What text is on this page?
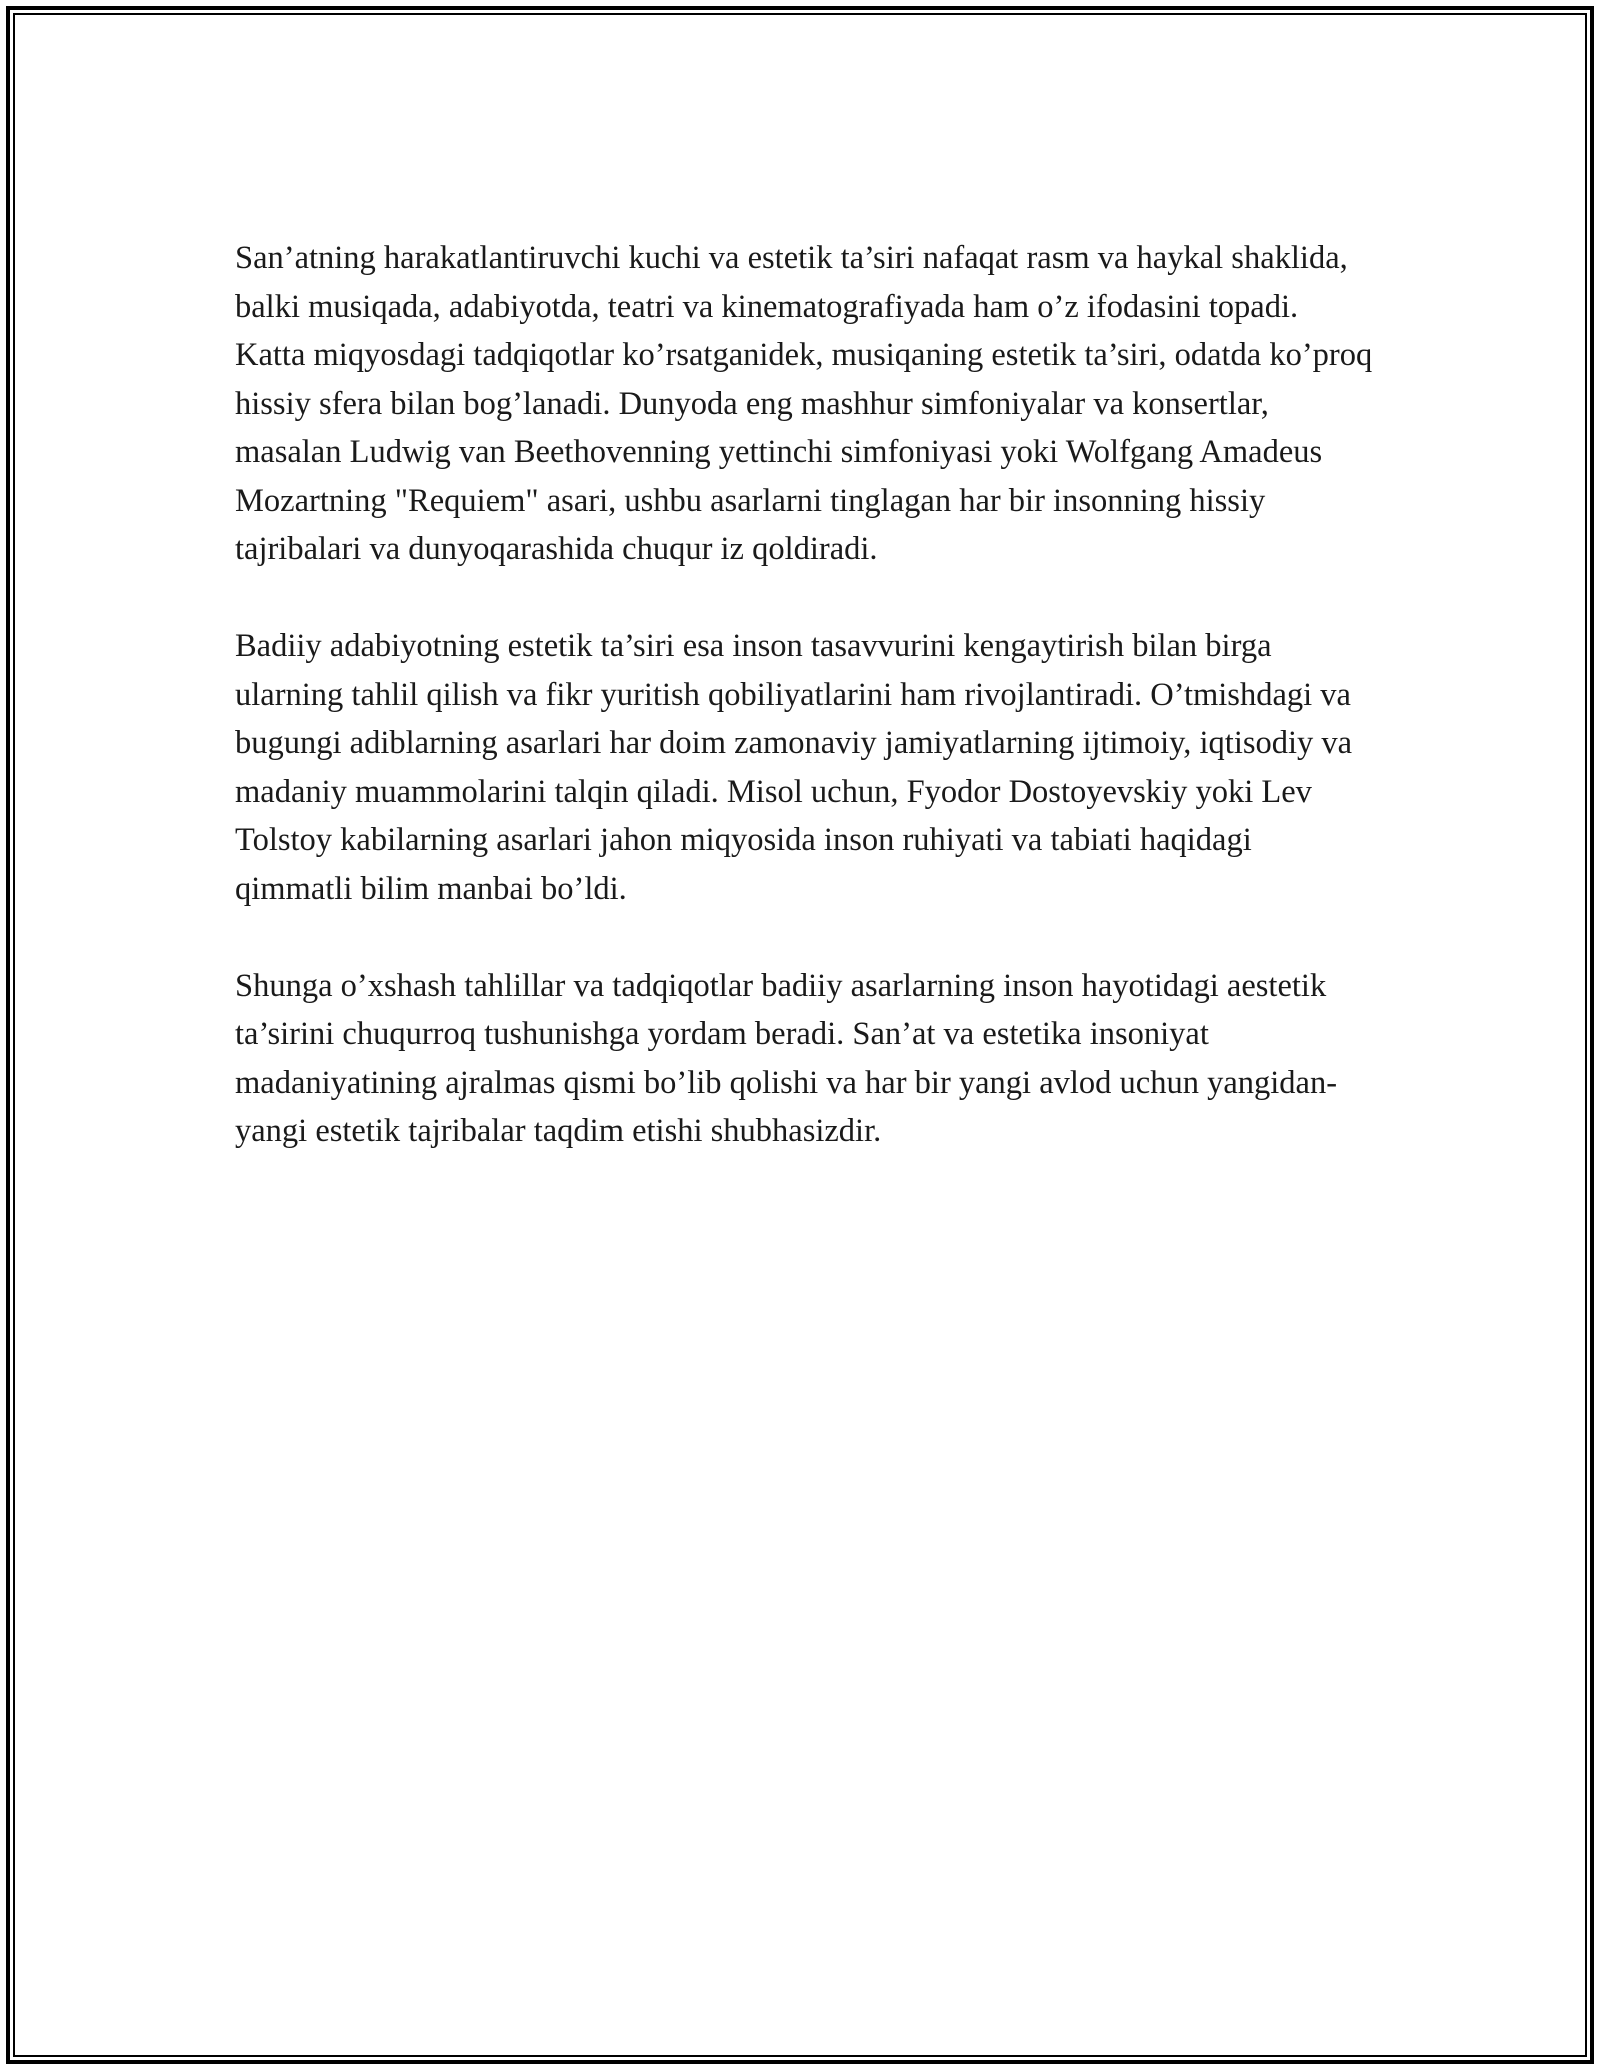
San’atning harakatlantiruvchi kuchi va estetik ta’siri nafaqat rasm va haykal shaklida, balki musiqada, adabiyotda, teatri va kinematografiyada ham o’z ifodasini topadi. Katta miqyosdagi tadqiqotlar ko’rsatganidek, musiqaning estetik ta’siri, odatda ko’proq hissiy sfera bilan bog’lanadi. Dunyoda eng mashhur simfoniyalar va konsertlar, masalan Ludwig van Beethovenning yettinchi simfoniyasi yoki Wolfgang Amadeus Mozartning "Requiem" asari, ushbu asarlarni tinglagan har bir insonning hissiy tajribalari va dunyoqarashida chuqur iz qoldiradi.

Badiiy adabiyotning estetik ta’siri esa inson tasavvurini kengaytirish bilan birga ularning tahlil qilish va fikr yuritish qobiliyatlarini ham rivojlantiradi. O’tmishdagi va bugungi adiblarning asarlari har doim zamonaviy jamiyatlarning ijtimoiy, iqtisodiy va madaniy muammolarini talqin qiladi. Misol uchun, Fyodor Dostoyevskiy yoki Lev Tolstoy kabilarning asarlari jahon miqyosida inson ruhiyati va tabiati haqidagi qimmatli bilim manbai bo’ldi.

Shunga o’xshash tahlillar va tadqiqotlar badiiy asarlarning inson hayotidagi aestetik ta’sirini chuqurroq tushunishga yordam beradi. San’at va estetika insoniyat madaniyatining ajralmas qismi bo’lib qolishi va har bir yangi avlod uchun yangidan-yangi estetik tajribalar taqdim etishi shubhasizdir.
